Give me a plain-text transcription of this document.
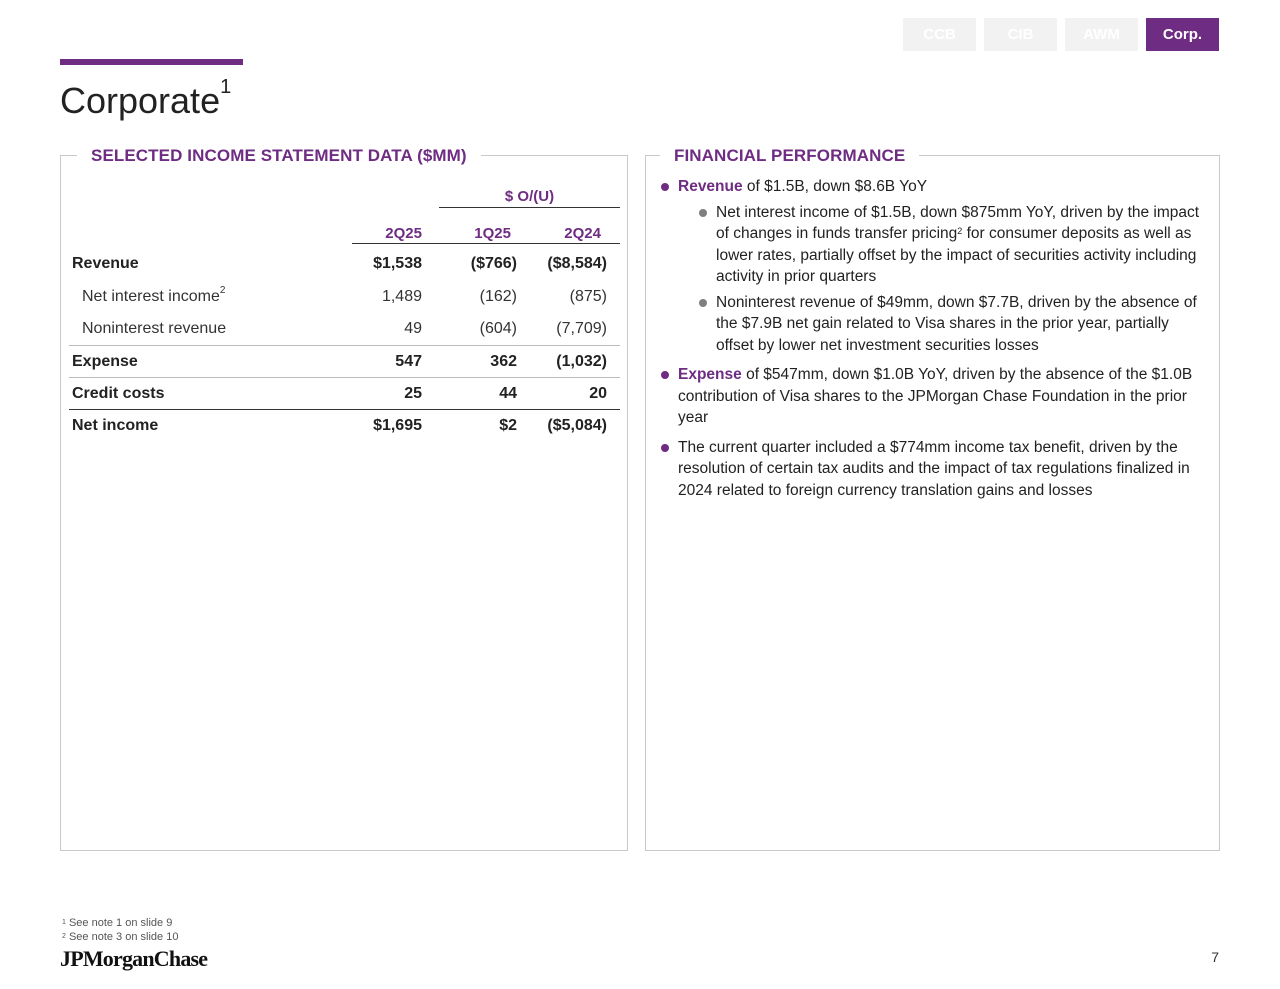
CCB	CIB	AWM	Corp.
Corporate$^1$
SELECTED INCOME STATEMENT DATA ($MM)
$ O/(U)
2Q25	1Q25	2Q24
Revenue	$1,538	($766)	($8,584)
Net interest income$^2$	1,489	(162)	(875)
Noninterest revenue	49	(604)	(7,709)
Expense	547	362	(1,032)
Credit costs	25	44	20
Net income	$1,695	$2	($5,084)
FINANCIAL PERFORMANCE
Revenue of $1.5B, down $8.6B YoY
Net interest income of $1.5B, down $875mm YoY, driven by the impact of changes in funds transfer pricing$^2$ for consumer deposits as well as lower rates, partially offset by the impact of securities activity including activity in prior quarters
Noninterest revenue of $49mm, down $7.7B, driven by the absence of the $7.9B net gain related to Visa shares in the prior year, partially offset by lower net investment securities losses
Expense of $547mm, down $1.0B YoY, driven by the absence of the $1.0B contribution of Visa shares to the JPMorgan Chase Foundation in the prior year
The current quarter included a $774mm income tax benefit, driven by the resolution of certain tax audits and the impact of tax regulations finalized in 2024 related to foreign currency translation gains and losses
$^1$ See note 1 on slide 9
$^2$ See note 3 on slide 10
JPMorganChase	7
